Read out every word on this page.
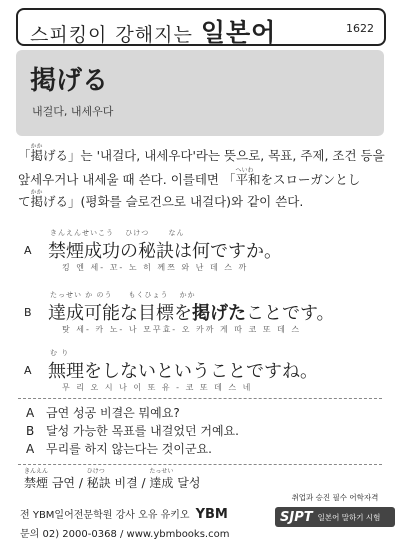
스피킹이 강해지는 일본어	1622
掲げる
내걸다, 내세우다
「
かか
掲げる」는 '내걸다, 내세우다'라는 뜻으로, 목표, 주제, 조건 등을
앞세우거나 내세울 때 쓴다. 이를테면 「
へいわ
平和をスローガンとし
て
かか
掲げる」(평화를 슬로건으로 내걸다)와 같이 쓴다.
A
きんえんせいこう　 ひけつ　　 なん
禁煙成功の秘訣は何ですか。
킹 엔 세- 꼬- 노 히 께쯔 와 난 데 스 까
B
たっせい か のう　　もくひょう　 かか
達成可能な目標を掲げたことです。
탓 세- 카 노- 나 모꾸효- 오 카까 게 따 코 또 데 스
A
む り
無理をしないということですね。
무 리 오 시 나 이 또 유 - 코 또 데 스 네
A 금연 성공 비결은 뭐예요?
B 달성 가능한 목표를 내걸었던 거예요.
A 무리를 하지 않는다는 것이군요.
きんえん
禁煙 금연 /
ひけつ
秘訣 비결 /
たっせい
達成 달성
전 YBM일어전문학원 강사 오유 유키오 YBM
문의 02) 2000-0368 / www.ybmbooks.com
취업과 승진 필수 어학자격
SJPT 일본어 말하기 시험
